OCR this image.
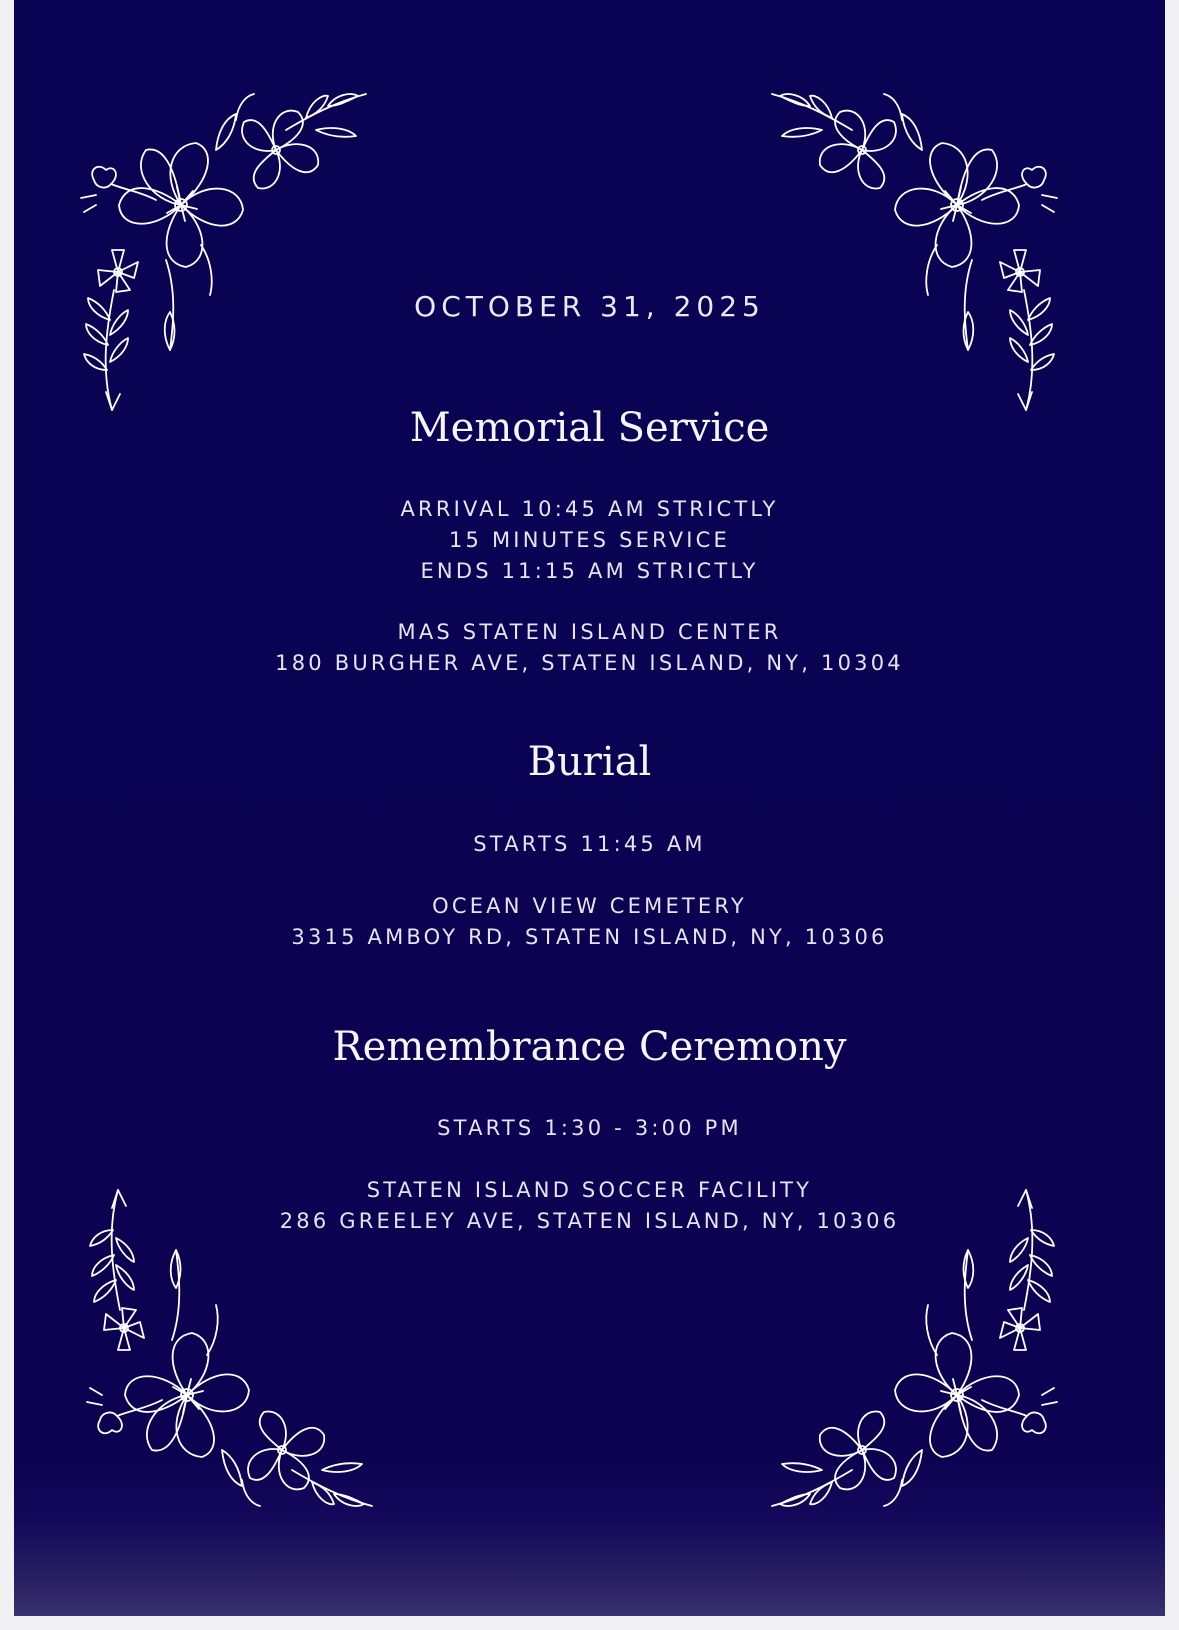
OCTOBER 31, 2025
Memorial Service
ARRIVAL 10:45 AM STRICTLY
15 MINUTES SERVICE
ENDS 11:15 AM STRICTLY
MAS STATEN ISLAND CENTER
180 BURGHER AVE, STATEN ISLAND, NY, 10304
Burial
STARTS 11:45 AM
OCEAN VIEW CEMETERY
3315 AMBOY RD, STATEN ISLAND, NY, 10306
Remembrance Ceremony
STARTS 1:30 - 3:00 PM
STATEN ISLAND SOCCER FACILITY
286 GREELEY AVE, STATEN ISLAND, NY, 10306
